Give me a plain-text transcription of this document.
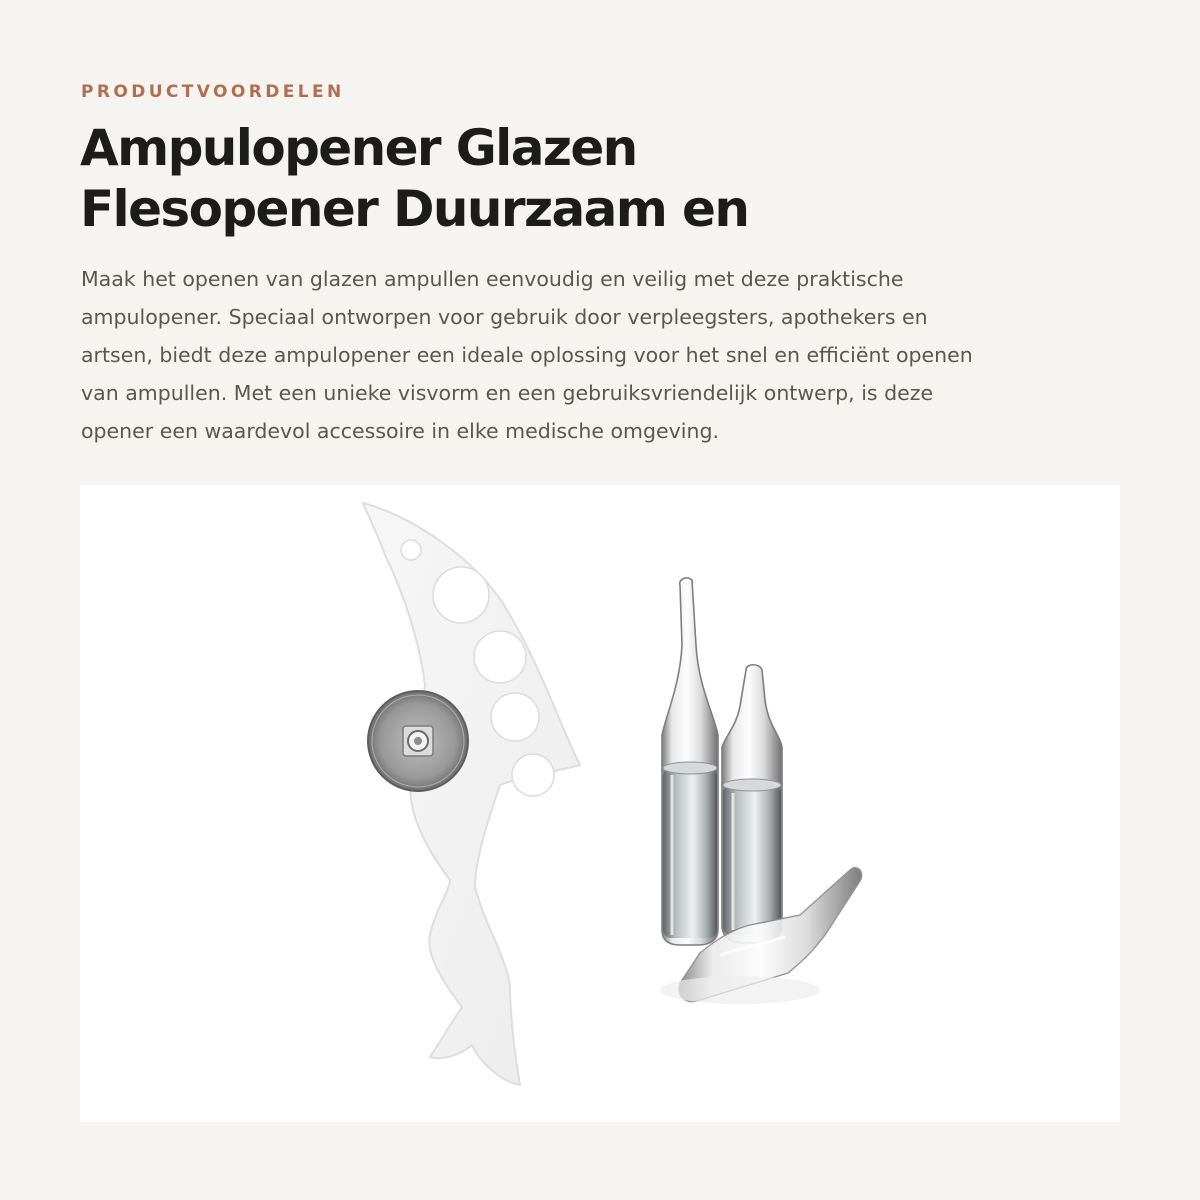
PRODUCTVOORDELEN

Ampulopener Glazen
Flesopener Duurzaam en

Maak het openen van glazen ampullen eenvoudig en veilig met deze praktische
ampulopener. Speciaal ontworpen voor gebruik door verpleegsters, apothekers en
artsen, biedt deze ampulopener een ideale oplossing voor het snel en efficiënt openen
van ampullen. Met een unieke visvorm en een gebruiksvriendelijk ontwerp, is deze
opener een waardevol accessoire in elke medische omgeving.
